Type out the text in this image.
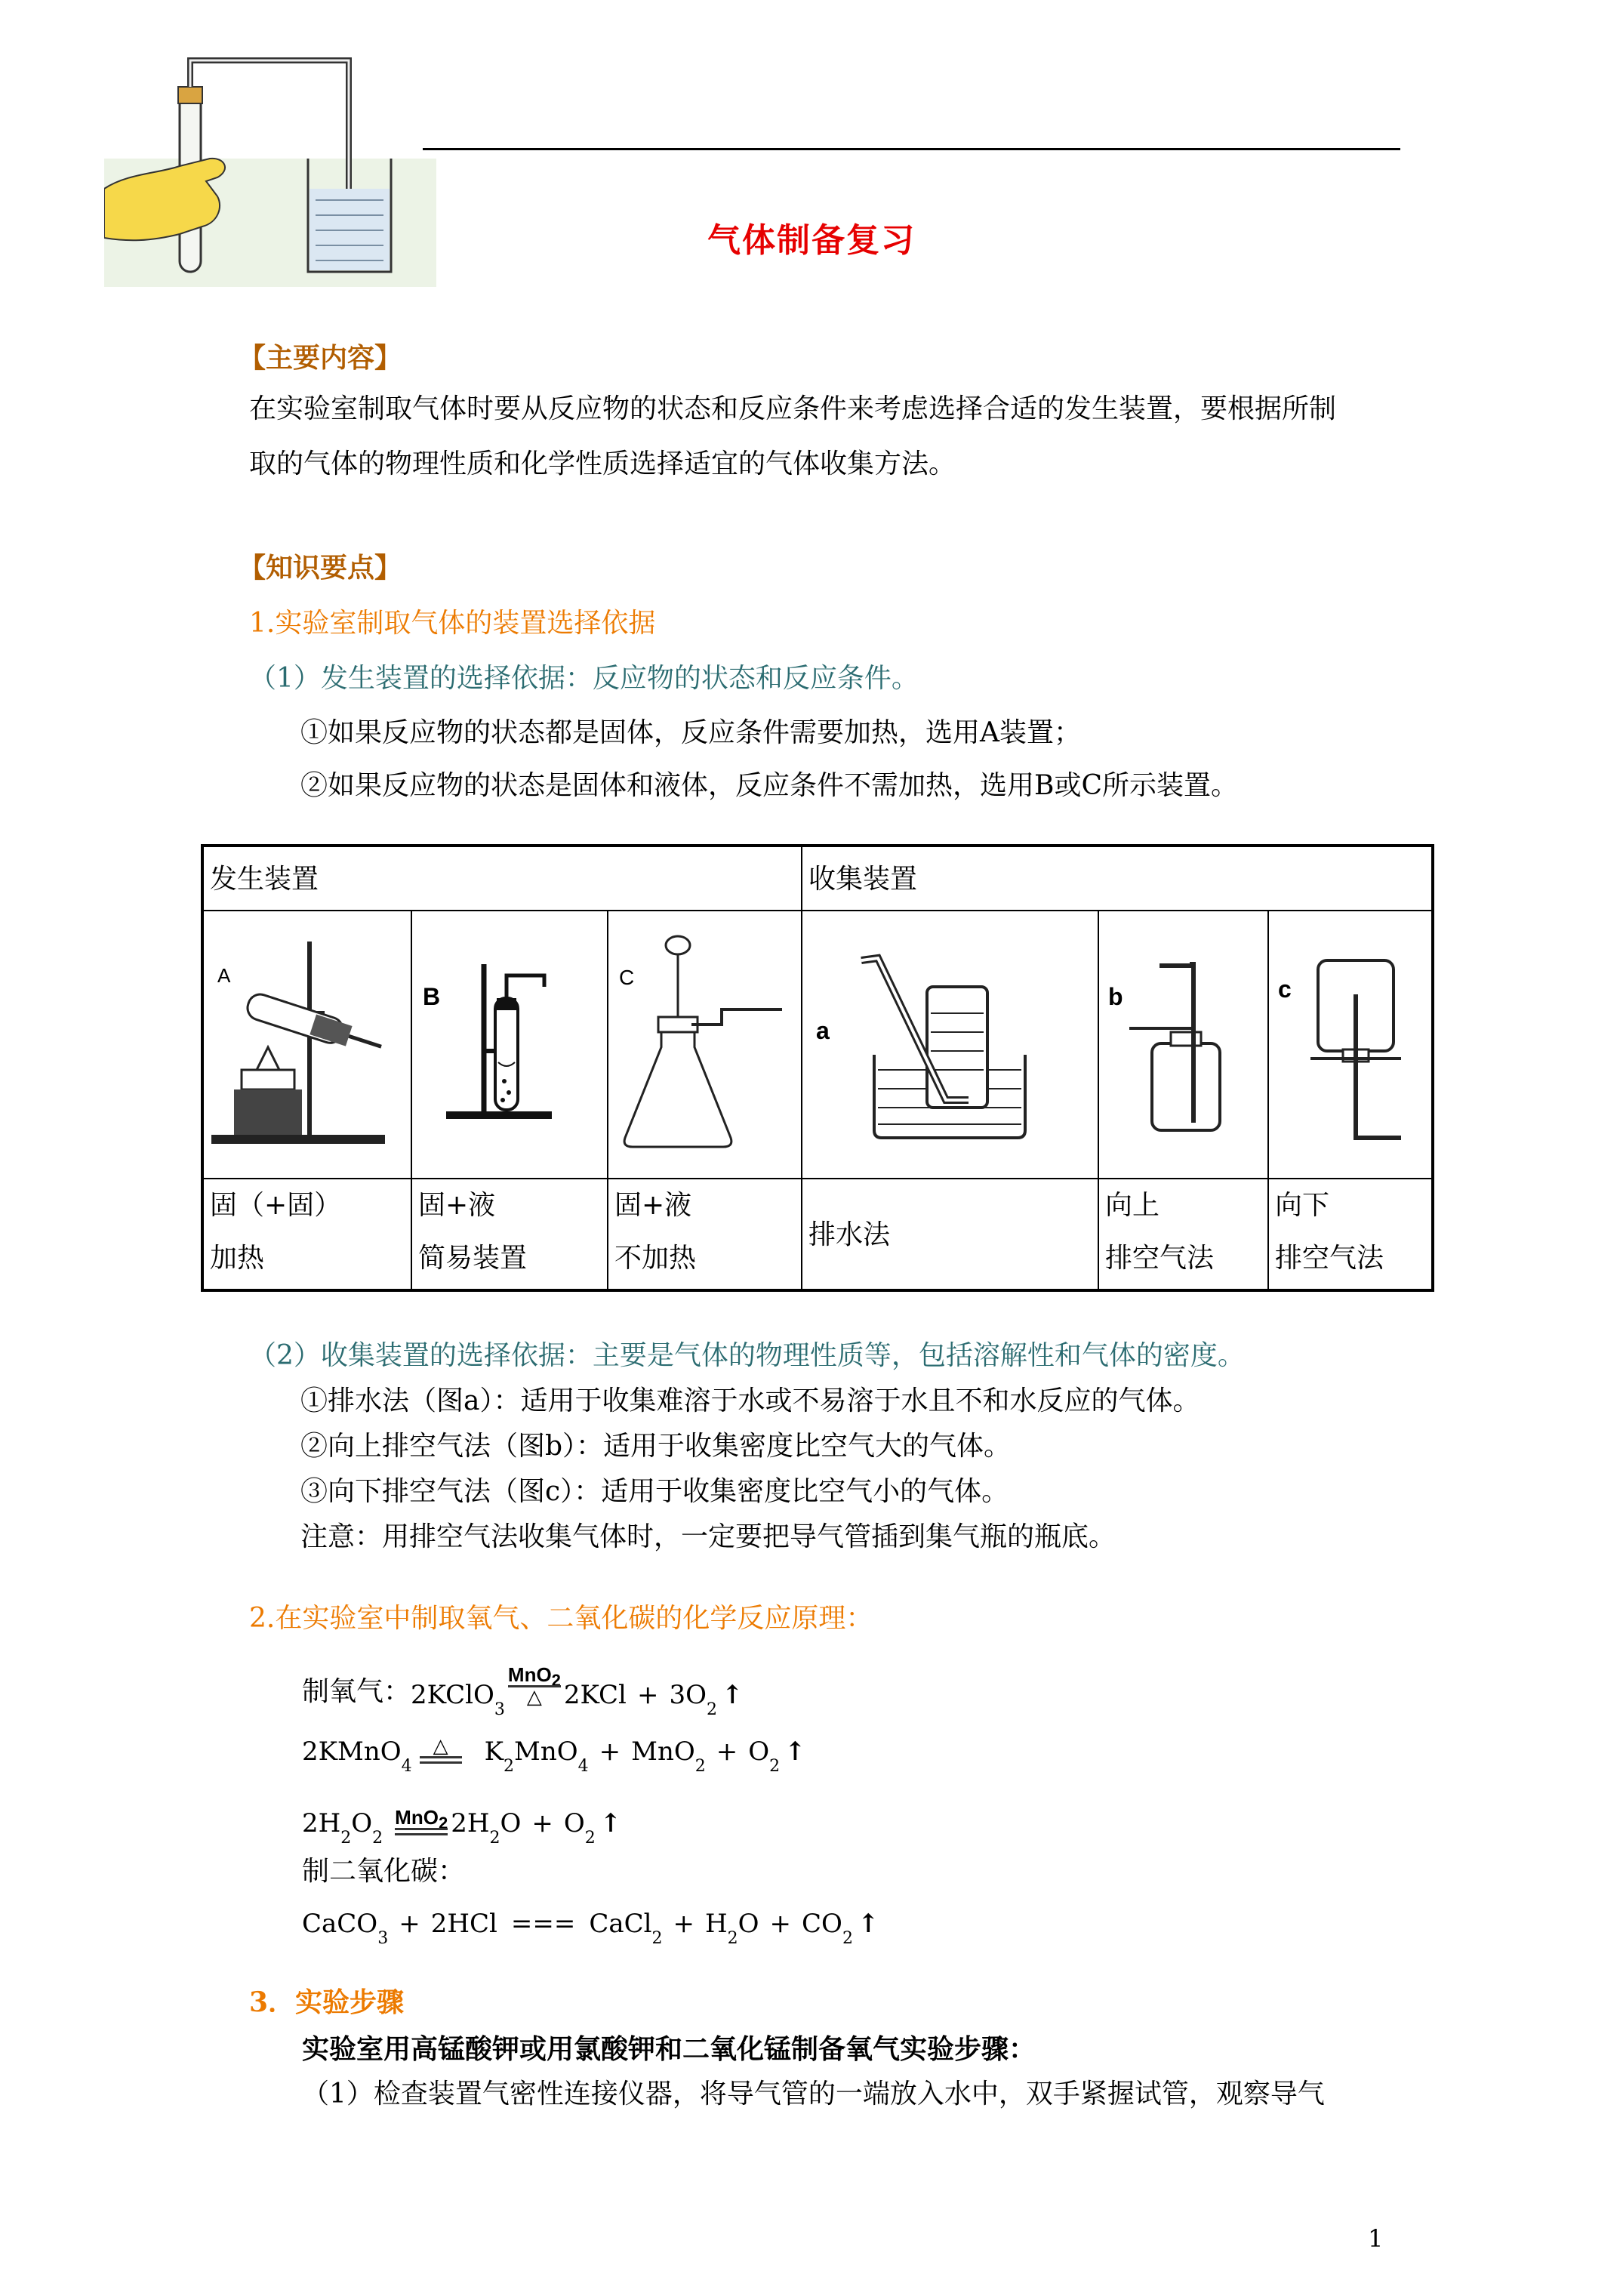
气体制备复习
【主要内容】
在实验室制取气体时要从反应物的状态和反应条件来考虑选择合适的发生装置，要根据所制
取的气体的物理性质和化学性质选择适宜的气体收集方法。
【知识要点】
1.实验室制取气体的装置选择依据
（1）发生装置的选择依据：反应物的状态和反应条件。
①如果反应物的状态都是固体，反应条件需要加热，选用A装置；
②如果反应物的状态是固体和液体，反应条件不需加热，选用B或C所示装置。
发生装置	收集装置
A
B
C
a
b	c
固（+固）
加热
固+液
简易装置
固+液
不加热
排水法
向上
排空气法
向下
排空气法
（2）收集装置的选择依据：主要是气体的物理性质等，包括溶解性和气体的密度。
①排水法（图a）：适用于收集难溶于水或不易溶于水且不和水反应的气体。
②向上排空气法（图b）：适用于收集密度比空气大的气体。
③向下排空气法（图c）：适用于收集密度比空气小的气体。
注意：用排空气法收集气体时，一定要把导气管插到集气瓶的瓶底。
2.在实验室中制取氧气、二氧化碳的化学反应原理：
制氧气： 2KClO 3
MnO$_2$
△ 2KCl + 3O 2 ↑
2KMnO 4
△ K 2 MnO 4 + MnO 2 + O 2 ↑
2H 2 O 2
MnO$_2$ 2H 2 O + O 2 ↑
制二氧化碳：
CaCO 3 + 2HCl === CaCl 2 + H 2 O + CO 2 ↑
3．实验步骤
实验室用高锰酸钾或用氯酸钾和二氧化锰制备氧气实验步骤：
（1）检查装置气密性连接仪器，将导气管的一端放入水中，双手紧握试管，观察导气
1
